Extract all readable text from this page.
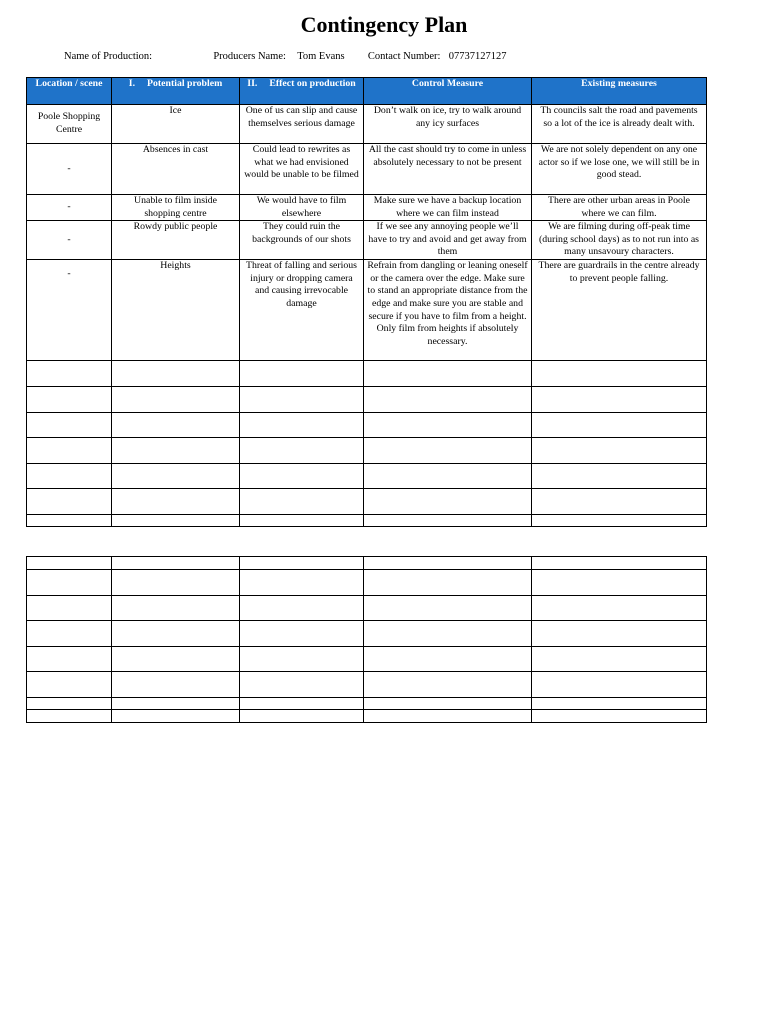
Contingency Plan
Name of Production:	Producers Name: Tom Evans Contact Number: 07737127127
Location / scene	I. Potential problem	II. Effect on production	Control Measure	Existing measures
Poole Shopping Centre	Ice	One of us can slip and cause themselves serious damage	Don’t walk on ice, try to walk around any icy surfaces	Th councils salt the road and pavements so a lot of the ice is already dealt with.
-	Absences in cast	Could lead to rewrites as what we had envisioned would be unable to be filmed	All the cast should try to come in unless absolutely necessary to not be present	We are not solely dependent on any one actor so if we lose one, we will still be in good stead.
-	Unable to film inside shopping centre	We would have to film elsewhere	Make sure we have a backup location where we can film instead	There are other urban areas in Poole where we can film.
-	Rowdy public people	They could ruin the backgrounds of our shots	If we see any annoying people we’ll have to try and avoid and get away from them	We are filming during off-peak time (during school days) as to not run into as many unsavoury characters.
-	Heights	Threat of falling and serious injury or dropping camera and causing irrevocable damage	Refrain from dangling or leaning oneself or the camera over the edge. Make sure to stand an appropriate distance from the edge and make sure you are stable and secure if you have to film from a height. Only film from heights if absolutely necessary.	There are guardrails in the centre already to prevent people falling.
